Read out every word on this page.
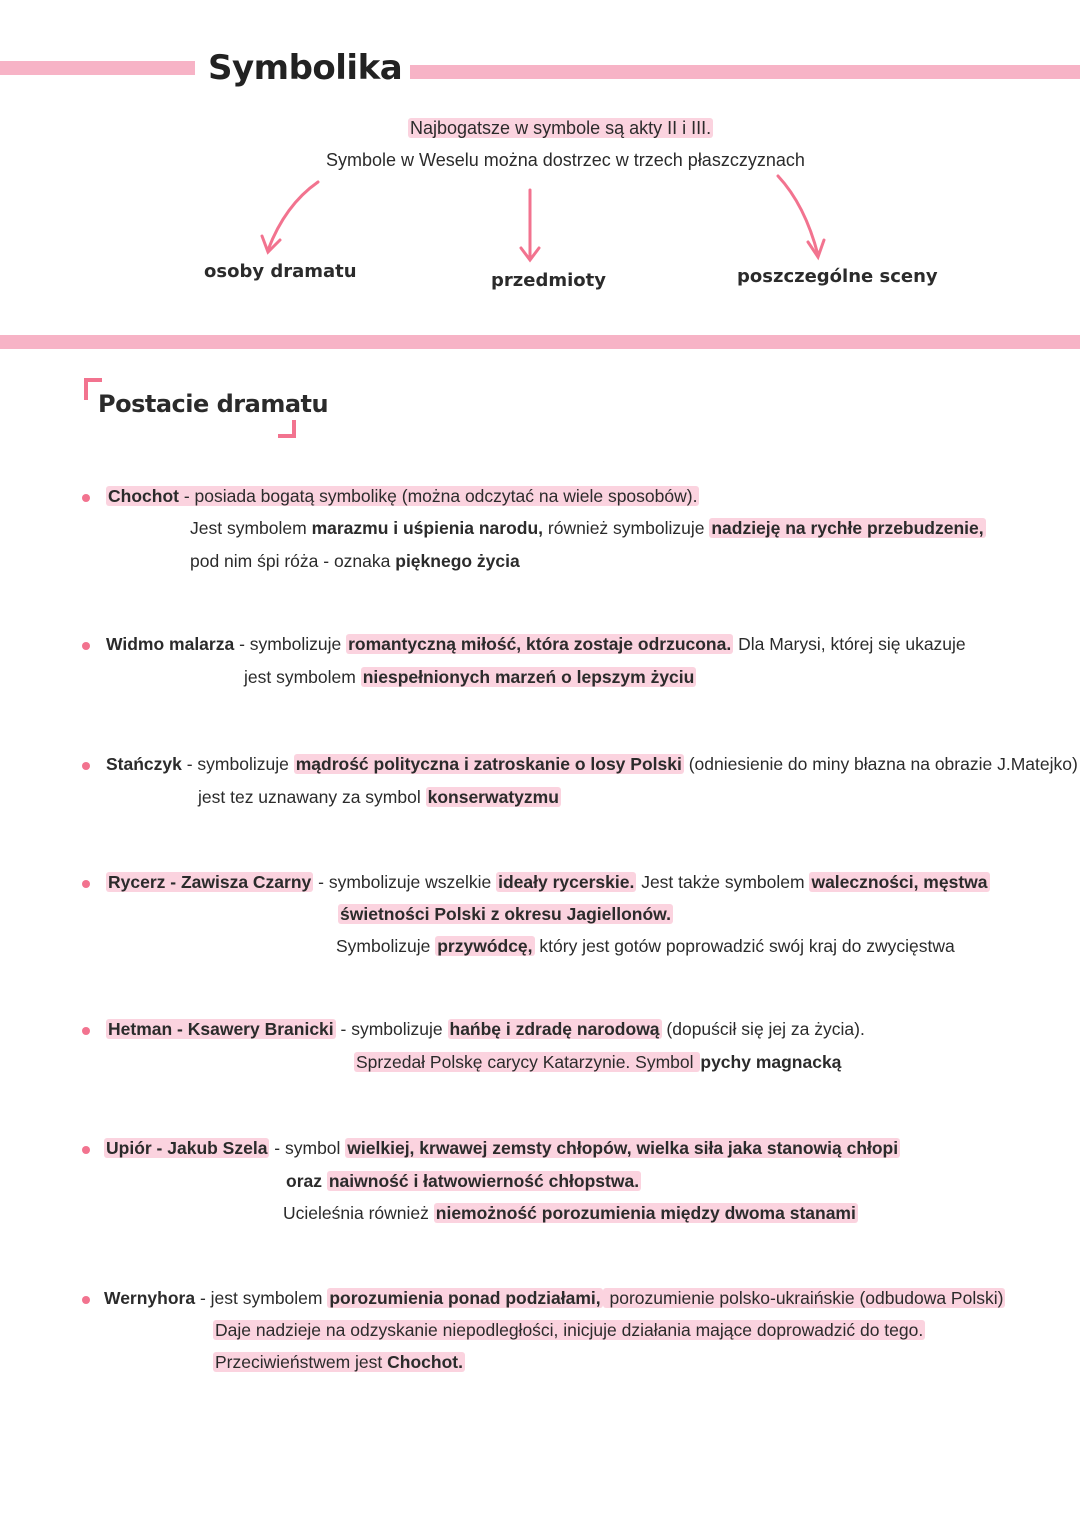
Symbolika
Najbogatsze w symbole są akty II i III.
Symbole w Weselu można dostrzec w trzech płaszczyznach
osoby dramatu	przedmioty	poszczególne sceny
Postacie dramatu
Chochot - posiada bogatą symbolikę (można odczytać na wiele sposobów).
Jest symbolem marazmu i uśpienia narodu, również symbolizuje nadzieję na rychłe przebudzenie,
pod nim śpi róża - oznaka pięknego życia
Widmo malarza - symbolizuje romantyczną miłość, która zostaje odrzucona. Dla Marysi, której się ukazuje
jest symbolem niespełnionych marzeń o lepszym życiu
Stańczyk - symbolizuje mądrość polityczna i zatroskanie o losy Polski (odniesienie do miny błazna na obrazie J.Matejko)
jest tez uznawany za symbol konserwatyzmu
Rycerz - Zawisza Czarny - symbolizuje wszelkie ideały rycerskie. Jest także symbolem waleczności, męstwa
świetności Polski z okresu Jagiellonów.
Symbolizuje przywódcę, który jest gotów poprowadzić swój kraj do zwycięstwa
Hetman - Ksawery Branicki - symbolizuje hańbę i zdradę narodową (dopuścił się jej za życia).
Sprzedał Polskę carycy Katarzynie. Symbol pychy magnacką
Upiór - Jakub Szela - symbol wielkiej, krwawej zemsty chłopów, wielka siła jaka stanowią chłopi
oraz naiwność i łatwowierność chłopstwa.
Ucieleśnia również niemożność porozumienia między dwoma stanami
Wernyhora - jest symbolem porozumienia ponad podziałami, porozumienie polsko-ukraińskie (odbudowa Polski)
Daje nadzieje na odzyskanie niepodległości, inicjuje działania mające doprowadzić do tego.
Przeciwieństwem jest Chochot.
